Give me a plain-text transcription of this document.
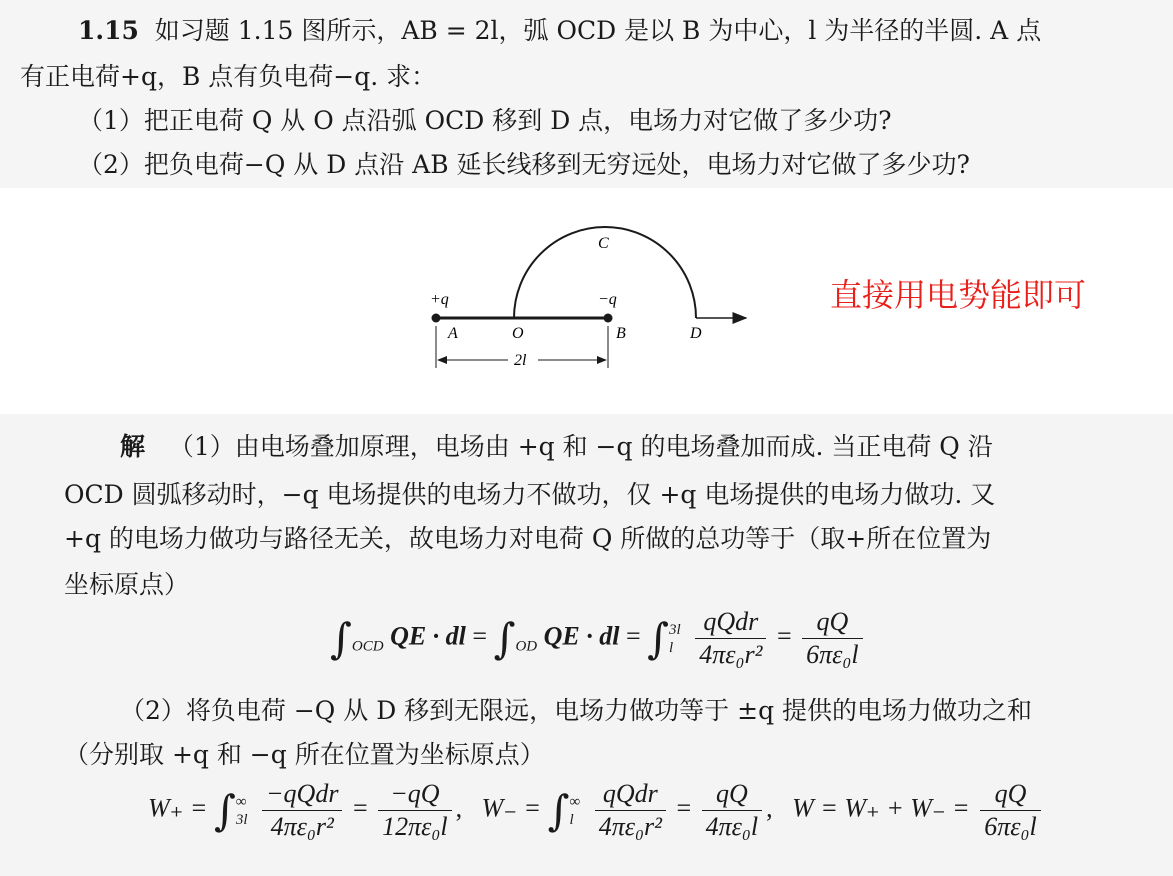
1.15 如习题 1.15 图所示，AB = 2l，弧 OCD 是以 B 为中心，l 为半径的半圆. A 点
有正电荷+q，B 点有负电荷−q. 求：
（1）把正电荷 Q 从 O 点沿弧 OCD 移到 D 点，电场力对它做了多少功?
（2）把负电荷−Q 从 D 点沿 AB 延长线移到无穷远处，电场力对它做了多少功?
C
+q	−q
A	O	B	D
2l
直接用电势能即可
解 （1）由电场叠加原理，电场由 +q 和 −q 的电场叠加而成. 当正电荷 Q 沿
OCD 圆弧移动时，−q 电场提供的电场力不做功，仅 +q 电场提供的电场力做功. 又
+q 的电场力做功与路径无关，故电场力对电荷 Q 所做的总功等于（取+所在位置为
坐标原点）
$\int_{OCD}$ QE · dl = $\int_{OD}$ QE · dl = ∫3l
l $\frac{\text{qQdr}}{\text{4πε₀r²}} = \frac{qQ}{\text{6πε₀l}}$
（2）将负电荷 −Q 从 D 移到无限远，电场力做功等于 ±q 提供的电场力做功之和
（分别取 +q 和 −q 所在位置为坐标原点）
W₊ = ∫∞
$3l \frac{\text{−qQdr}}{\text{4πε₀r²}} = \frac{-qQ}{\text{12πε₀l}}$ ,   W₋ = ∫∞
l $\frac{\text{qQdr}}{\text{4πε₀r²}} = \frac{qQ}{\text{4πε₀l}}$ ,   $W = W_+ + W_- = \frac{qQ}{\text{6πε₀l}}$
